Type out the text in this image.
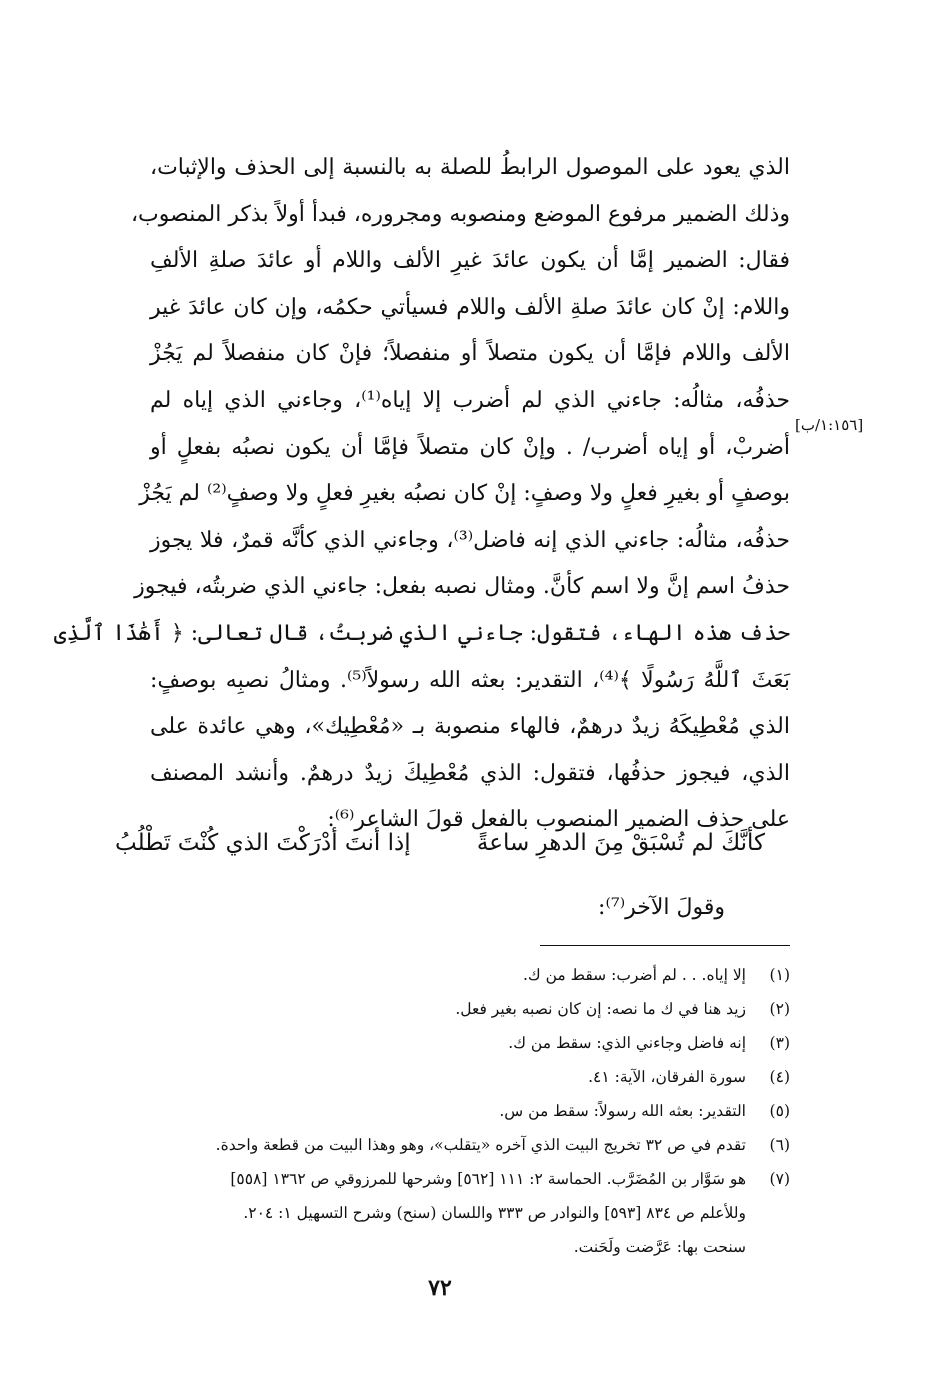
الذي يعود على الموصول الرابطُ للصلة به بالنسبة إلى الحذف والإثبات،
وذلك الضمير مرفوع الموضع ومنصوبه ومجروره، فبدأ أولاً بذكر المنصوب،
فقال: الضمير إمَّا أن يكون عائدَ غيرِ الألف واللام أو عائدَ صلةِ الألفِ
واللام: إنْ كان عائدَ صلةِ الألف واللام فسيأتي حكمُه، وإن كان عائدَ غير
الألف واللام فإمَّا أن يكون متصلاً أو منفصلاً؛ فإنْ كان منفصلاً لم يَجُزْ
حذفُه، مثالُه: جاءني الذي لم أضرب إلا إياه⁽¹⁾، وجاءني الذي إياه لم
أضربْ، أو إياه أضرب/ . وإنْ كان متصلاً فإمَّا أن يكون نصبُه بفعلٍ أو
بوصفٍ أو بغيرِ فعلٍ ولا وصفٍ: إنْ كان نصبُه بغيرِ فعلٍ ولا وصفٍ⁽²⁾ لم يَجُزْ
حذفُه، مثالُه: جاءني الذي إنه فاضل⁽³⁾، وجاءني الذي كأنَّه قمرٌ، فلا يجوز
حذفُ اسم إنَّ ولا اسم كأنَّ. ومثال نصبه بفعل: جاءني الذي ضربتُه، فيجوز
حذف هذه الهاء، فتقول: جاءني الذي ضربتُ، قال تعالى: ﴿ أَهَٰذَا ٱلَّذِى
بَعَثَ ٱللَّهُ رَسُولًا ﴾⁽⁴⁾، التقدير: بعثه الله رسولاً⁽⁵⁾. ومثالُ نصبِه بوصفٍ:
الذي مُعْطِيكَهُ زيدٌ درهمٌ، فالهاء منصوبة بـ «مُعْطِيك»، وهي عائدة على
الذي، فيجوز حذفُها، فتقول: الذي مُعْطِيكَ زيدٌ درهمٌ. وأنشد المصنف
على حذف الضمير المنصوب بالفعل قولَ الشاعر⁽⁶⁾:
[١:١٥٦/ب]
كأنَّكَ لم تُسْبَقْ مِنَ الدهرِ ساعةً
إذا أنتَ أدْرَكْتَ الذي كُنْتَ تَطْلُبُ
وقولَ الآخر⁽⁷⁾:
(١)إلا إياه. . . لم أضرب: سقط من ك.
(٢)زيد هنا في ك ما نصه: إن كان نصبه بغير فعل.
(٣)إنه فاضل وجاءني الذي: سقط من ك.
(٤)سورة الفرقان، الآية: ٤١.
(٥)التقدير: بعثه الله رسولاً: سقط من س.
(٦)تقدم في ص ٣٢ تخريج البيت الذي آخره «يتقلب»، وهو وهذا البيت من قطعة واحدة.
(٧)هو سَوَّار بن المُضَرَّب. الحماسة ٢: ١١١ [٥٦٢] وشرحها للمرزوقي ص ١٣٦٢ [٥٥٨]
وللأعلم ص ٨٣٤ [٥٩٣] والنوادر ص ٣٣٣ واللسان (سنح) وشرح التسهيل ١: ٢٠٤.
سنحت بها: عَرَّضت ولَحَنت.
٧٢
